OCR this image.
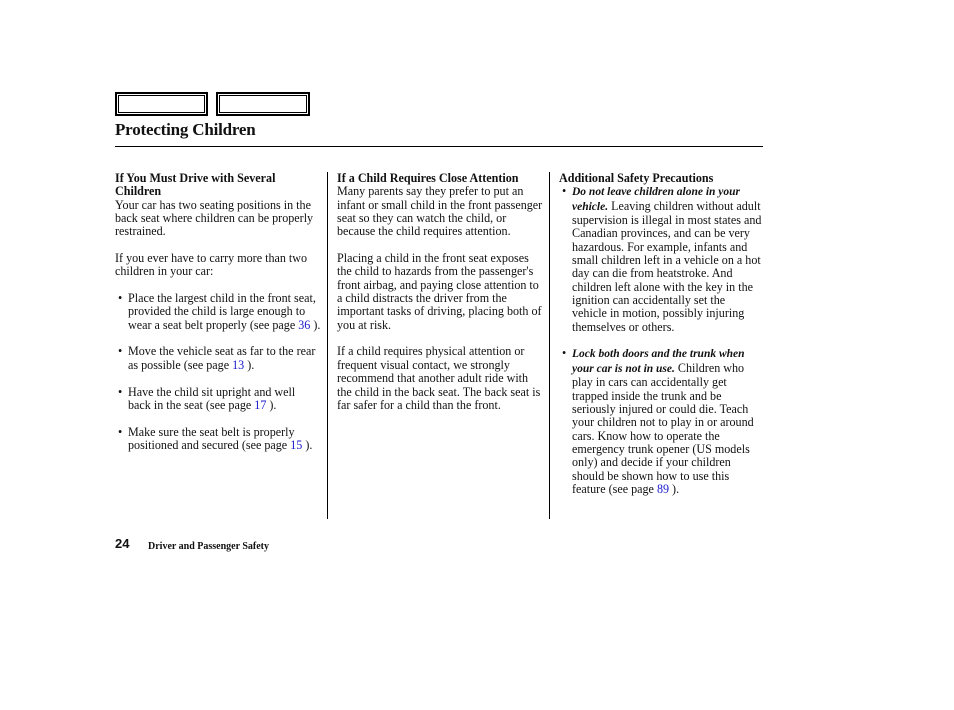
Protecting Children
If You Must Drive with Several Children

Your car has two seating positions in the back seat where children can be properly restrained.

If you ever have to carry more than two children in your car:

• Place the largest child in the front seat, provided the child is large enough to wear a seat belt properly (see page 36 ).
• Move the vehicle seat as far to the rear as possible (see page 13 ).
• Have the child sit upright and well back in the seat (see page 17 ).
• Make sure the seat belt is properly positioned and secured (see page 15 ).
If a Child Requires Close Attention

Many parents say they prefer to put an infant or small child in the front passenger seat so they can watch the child, or because the child requires attention.

Placing a child in the front seat exposes the child to hazards from the passenger's front airbag, and paying close attention to a child distracts the driver from the important tasks of driving, placing both of you at risk.

If a child requires physical attention or frequent visual contact, we strongly recommend that another adult ride with the child in the back seat. The back seat is far safer for a child than the front.

Additional Safety Precautions
• Do not leave children alone in your vehicle. Leaving children without adult supervision is illegal in most states and Canadian provinces, and can be very hazardous. For example, infants and small children left in a vehicle on a hot day can die from heatstroke. And children left alone with the key in the ignition can accidentally set the vehicle in motion, possibly injuring themselves or others.
• Lock both doors and the trunk when your car is not in use. Children who play in cars can accidentally get trapped inside the trunk and be seriously injured or could die. Teach your children not to play in or around cars. Know how to operate the emergency trunk opener (US models only) and decide if your children should be shown how to use this feature (see page 89 ).
24 Driver and Passenger Safety
